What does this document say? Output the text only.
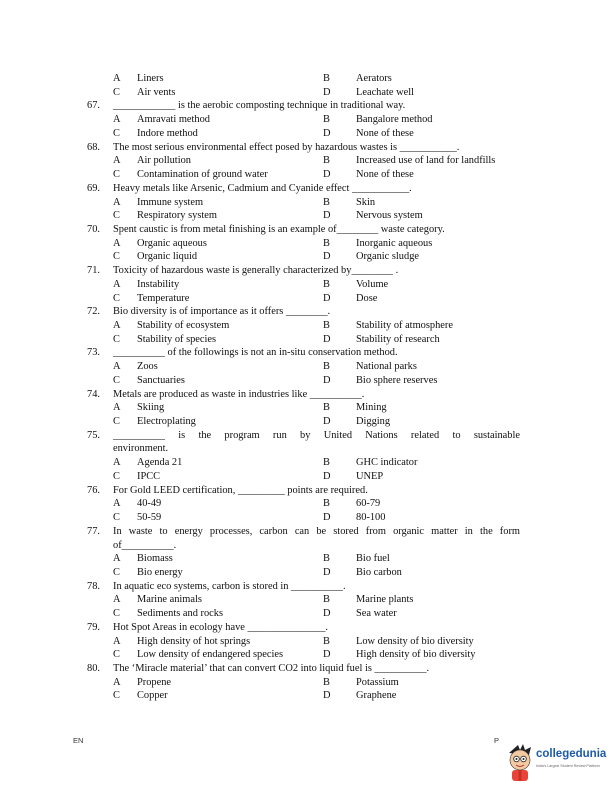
A Liners	B	Aerators
C Air vents	D Leachate well
67. ____________ is the aerobic composting technique in traditional way.
A Amravati method	B	Bangalore method
C Indore method	D None of these
68. The most serious environmental effect posed by hazardous wastes is ___________.
A Air pollution	B	Increased use of land for landfills
C Contamination of ground water	D None of these
69. Heavy metals like Arsenic, Cadmium and Cyanide effect ___________.
A Immune system	B	Skin
C Respiratory system	D Nervous system
70. Spent caustic is from metal finishing is an example of________ waste category.
A Organic aqueous	B	Inorganic aqueous
C Organic liquid	D Organic sludge
71. Toxicity of hazardous waste is generally characterized by________ .
A Instability	B	Volume
C Temperature	D Dose
72. Bio diversity is of importance as it offers ________.
A Stability of ecosystem	B	Stability of atmosphere
C Stability of species	D Stability of research
73. __________ of the followings is not an in-situ conservation method.
A Zoos	B	National parks
C Sanctuaries	D Bio sphere reserves
74. Metals are produced as waste in industries like __________.
A Skiing	B	Mining
C Electroplating	D Digging
75. __________ is the program run by United Nations related to sustainable
environment.
A Agenda 21	B	GHC indicator
C IPCC	D UNEP
76. For Gold LEED certification, _________ points are required.
A 40-49	B	60-79
C 50-59	D 80-100
77. In waste to energy processes, carbon can be stored from organic matter in the form
of__________.
A Biomass	B	Bio fuel
C Bio energy	D Bio carbon
78. In aquatic eco systems, carbon is stored in __________.
A Marine animals	B	Marine plants
C Sediments and rocks	D Sea water
79. Hot Spot Areas in ecology have _______________.
A High density of hot springs	B	Low density of bio diversity
C Low density of endangered species	D High density of bio diversity
80. The ‘Miracle material’ that can convert CO2 into liquid fuel is __________.
A Propene	B	Potassium
C Copper	D Graphene
EN	P
collegedunia
India's Largest Student Review Platform
